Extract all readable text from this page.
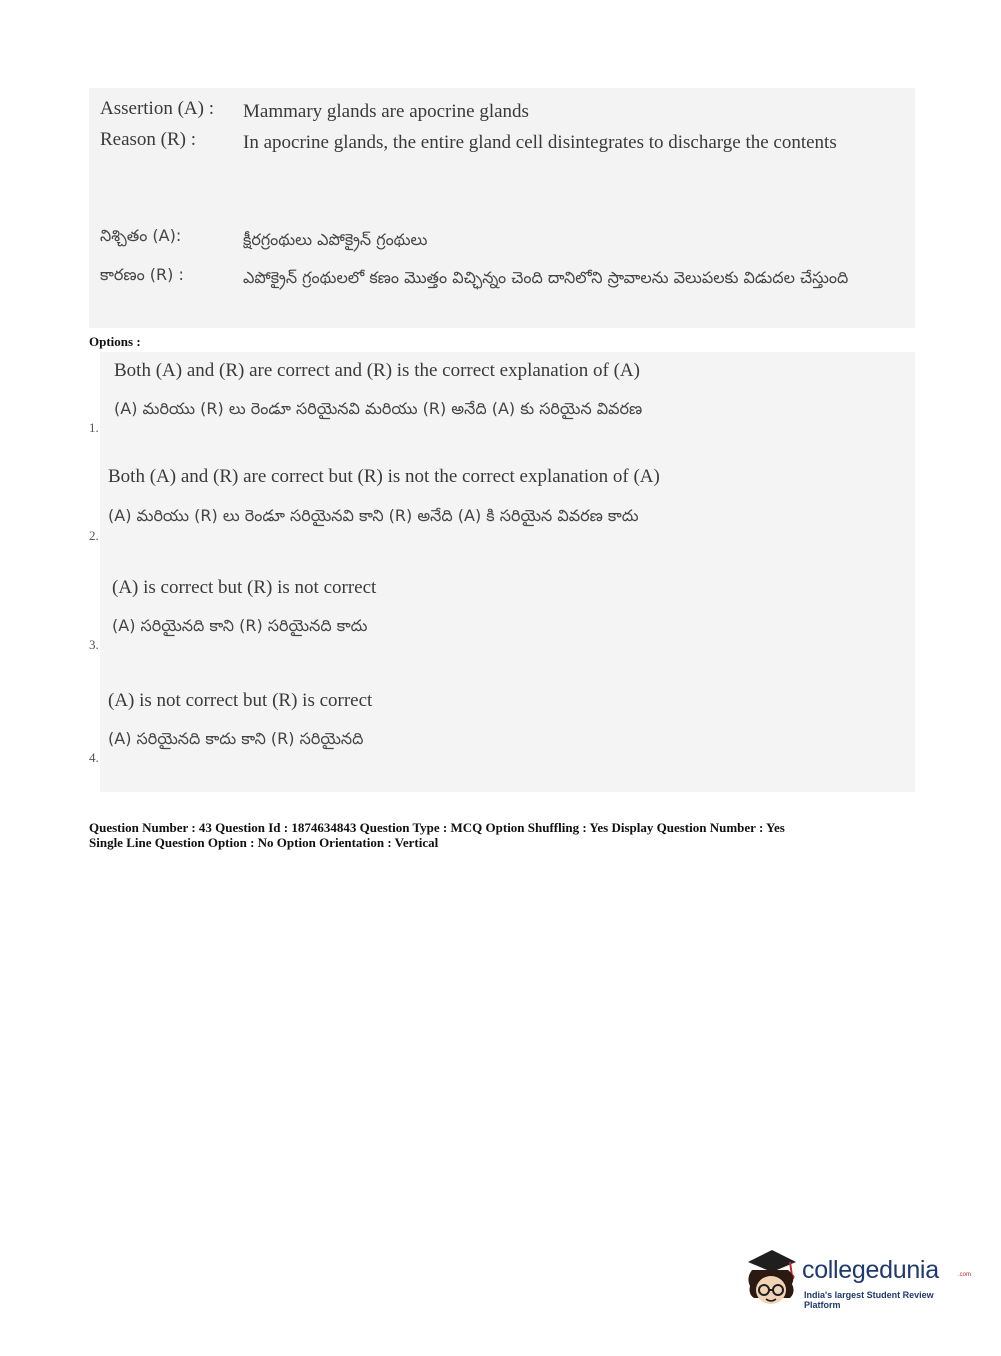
Assertion (A) : Mammary glands are apocrine glands
Reason (R) : In apocrine glands, the entire gland cell disintegrates to discharge the contents
నిశ్చితం (A):	క్షీరగ్రంథులు ఎపోక్రైన్ గ్రంథులు
కారణం (R) :	ఎపోక్రైన్ గ్రంథులలో కణం మొత్తం విచ్ఛిన్నం చెంది దానిలోని స్రావాలను వెలుపలకు విడుదల చేస్తుంది
Options :
Both (A) and (R) are correct and (R) is the correct explanation of (A)
(A) మరియు (R) లు రెండూ సరియైనవి మరియు (R) అనేది (A) కు సరియైన వివరణ
1.
Both (A) and (R) are correct but (R) is not the correct explanation of (A)
(A) మరియు (R) లు రెండూ సరియైనవి కాని (R) అనేది (A) కి సరియైన వివరణ కాదు
2.
(A) is correct but (R) is not correct
(A) సరియైనది కాని (R) సరియైనది కాదు
3.
(A) is not correct but (R) is correct
(A) సరియైనది కాదు కాని (R) సరియైనది
4.
Question Number : 43 Question Id : 1874634843 Question Type : MCQ Option Shuffling : Yes Display Question Number : Yes
Single Line Question Option : No Option Orientation : Vertical
collegedunia	.com
India's largest Student Review Platform
